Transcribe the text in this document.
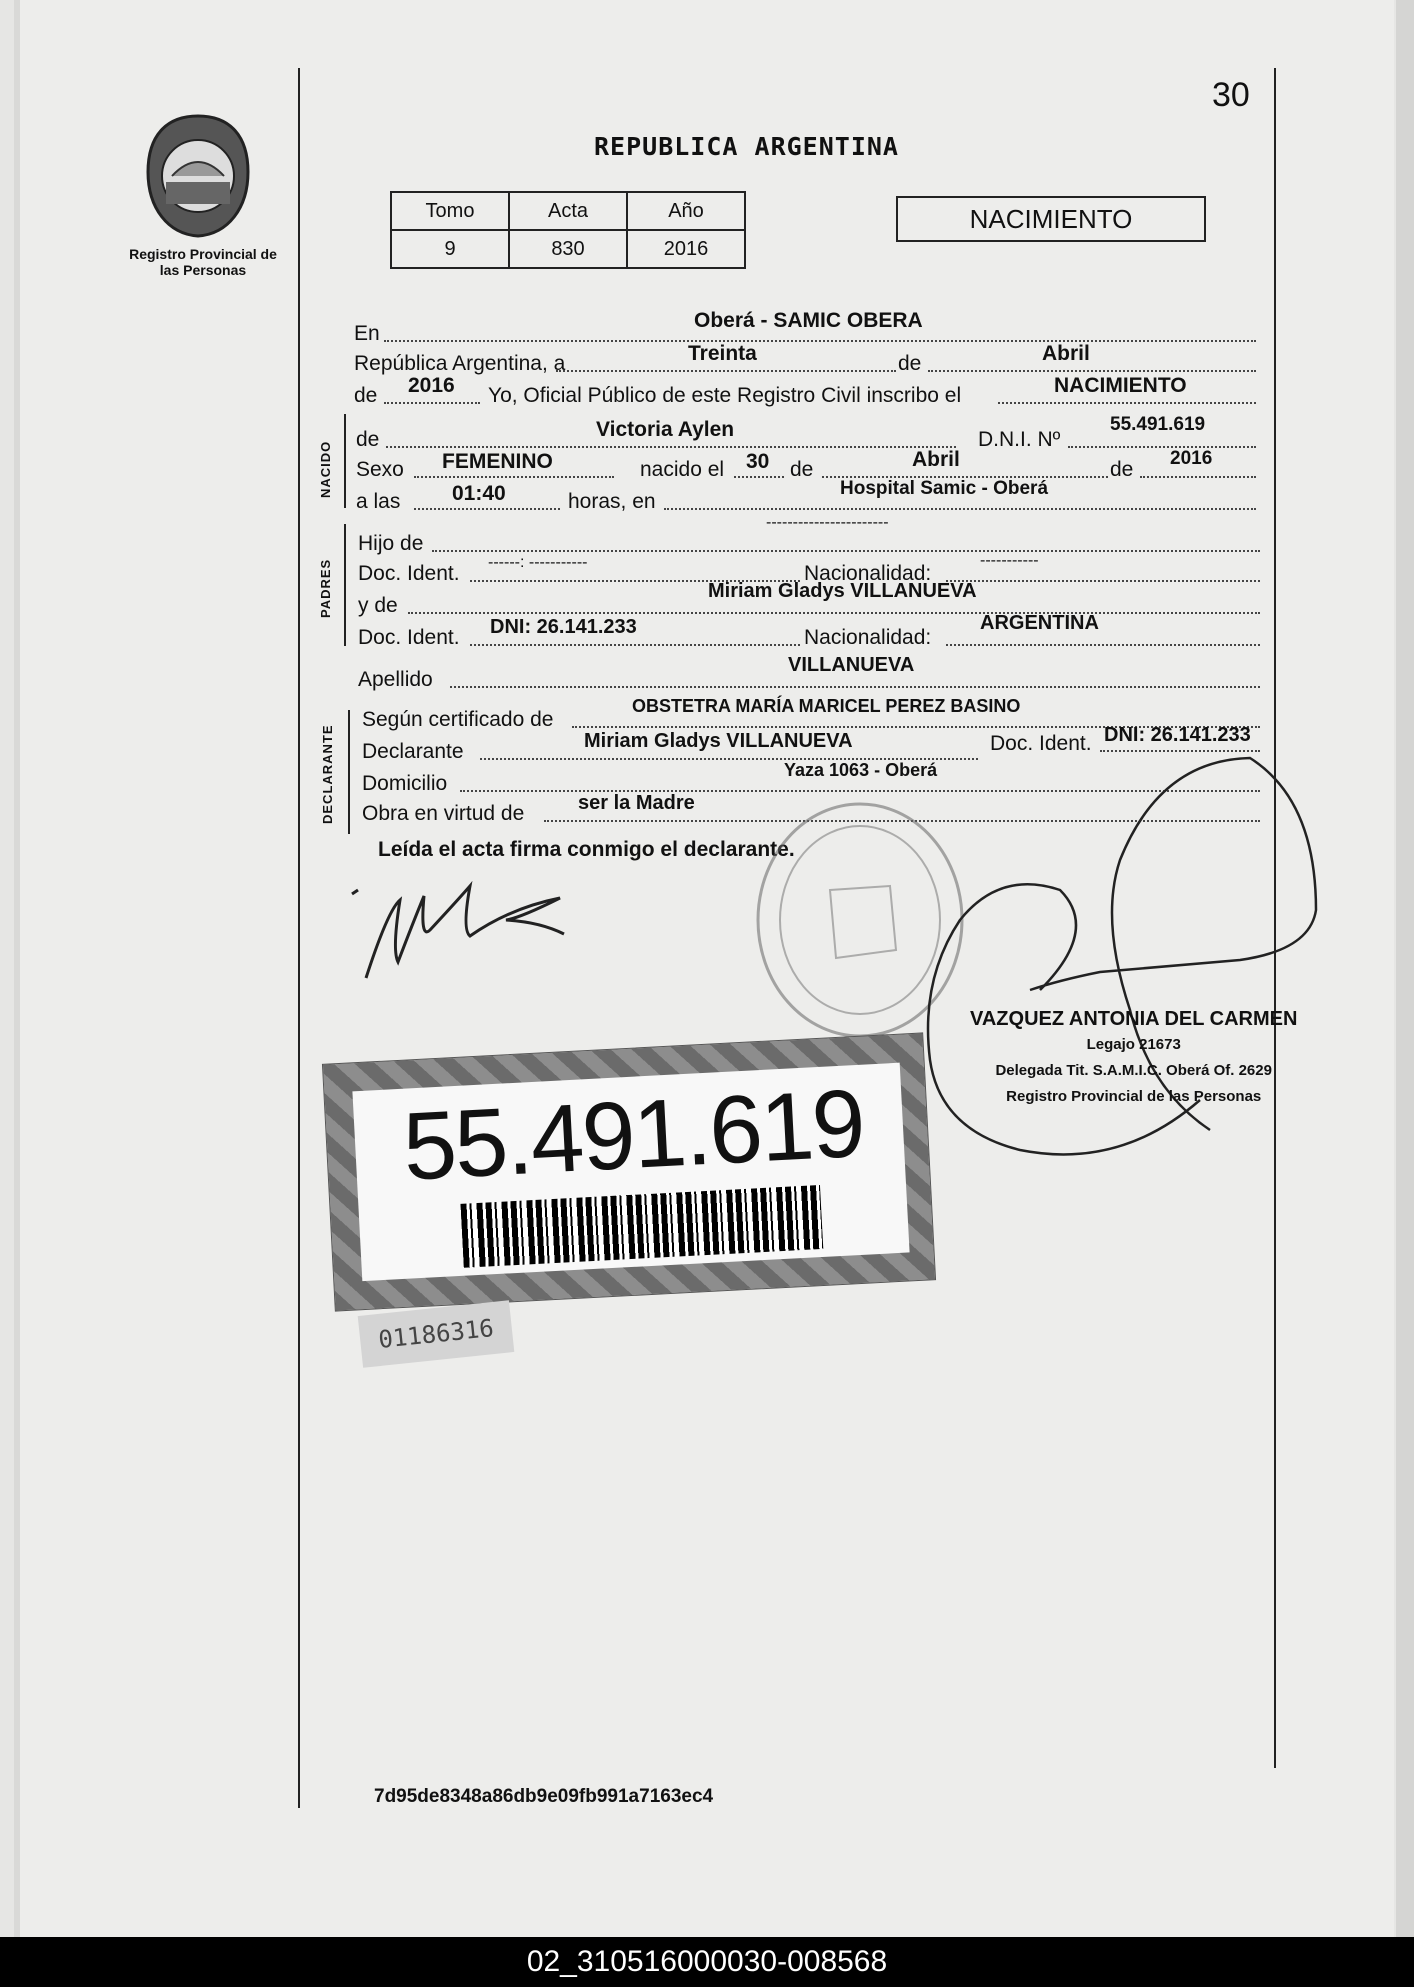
30
Registro Provincial de las Personas
REPUBLICA ARGENTINA
Tomo	Acta	Año
9	830	2016
NACIMIENTO
En
Oberá - SAMIC OBERA
República Argentina, a	Treinta	de	Abril
de 2016 Yo, Oficial Público de este Registro Civil inscribo el	NACIMIENTO
NACIDO
de	Victoria Aylen	D.N.I. Nº
55.491.619
Sexo FEMENINO	nacido el 30 de	Abril	de 2016
a las 01:40	horas, en
Hospital Samic - Oberá
PADRES
Hijo de
-----------------------
Doc. Ident. ------: -----------	Nacionalidad:
-----------
y de
Miriam Gladys VILLANUEVA
Doc. Ident. DNI: 26.141.233	Nacionalidad:
ARGENTINA
Apellido
VILLANUEVA
DECLARANTE
Según certificado de
OBSTETRA MARÍA MARICEL PEREZ BASINO
Declarante	Miriam Gladys VILLANUEVA	Doc. Ident. DNI: 26.141.233
Domicilio
Yaza 1063 - Oberá
Obra en virtud de	ser la Madre
Leída el acta firma conmigo el declarante.
VAZQUEZ ANTONIA DEL CARMEN
Legajo 21673
Delegada Tit. S.A.M.I.C. Oberá Of. 2629
Registro Provincial de las Personas
55.491.619
01186316
7d95de8348a86db9e09fb991a7163ec4
02_310516000030-008568
